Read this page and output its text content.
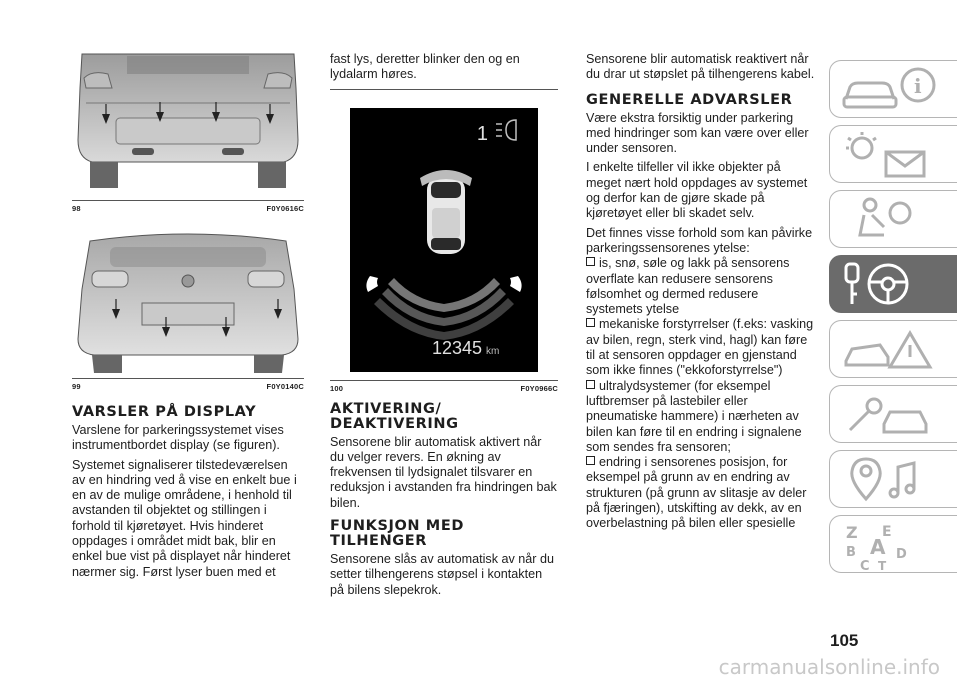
98	F0Y0616C
99	F0Y0140C
VARSLER PÅ DISPLAY

Varslene for parkeringssystemet vises instrumentbordet display (se figuren).

Systemet signaliserer tilstedeværelsen av en hindring ved å vise en enkelt bue i en av de mulige områdene, i henhold til avstanden til objektet og stillingen i forhold til kjøretøyet. Hvis hinderet oppdages i området midt bak, blir en enkel bue vist på displayet når hinderet nærmer sig. Først lyser buen med et

fast lys, deretter blinker den og en lydalarm høres.

1
12345 km
100	F0Y0966C
AKTIVERING/ DEAKTIVERING

Sensorene blir automatisk aktivert når du velger revers. En økning av frekvensen til lydsignalet tilsvarer en reduksjon i avstanden fra hindringen bak bilen.

FUNKSJON MED TILHENGER

Sensorene slås av automatisk av når du setter tilhengerens støpsel i kontakten på bilens slepekrok.

Sensorene blir automatisk reaktivert når du drar ut støpslet på tilhengerens kabel.

GENERELLE ADVARSLER

Være ekstra forsiktig under parkering med hindringer som kan være over eller under sensoren.

I enkelte tilfeller vil ikke objekter på meget nært hold oppdages av systemet og derfor kan de gjøre skade på kjøretøyet eller bli skadet selv.

Det finnes visse forhold som kan påvirke parkeringssensorenes ytelse:

is, snø, søle og lakk på sensorens overflate kan redusere sensorens følsomhet og dermed redusere systemets ytelse
mekaniske forstyrrelser (f.eks: vasking av bilen, regn, sterk vind, hagl) kan føre til at sensoren oppdager en gjenstand som ikke finnes ("ekkoforstyrrelse")
ultralydsystemer (for eksempel luftbremser på lastebiler eller pneumatiske hammere) i nærheten av bilen kan føre til en endring i signalene som sendes fra sensoren;
endring i sensorenes posisjon, for eksempel på grunn av en endring av strukturen (på grunn av slitasje av deler på fjæringen), utskifting av dekk, av en overbelastning på bilen eller spesielle
i
Z E
B A D
C T
105
carmanualsonline.info
